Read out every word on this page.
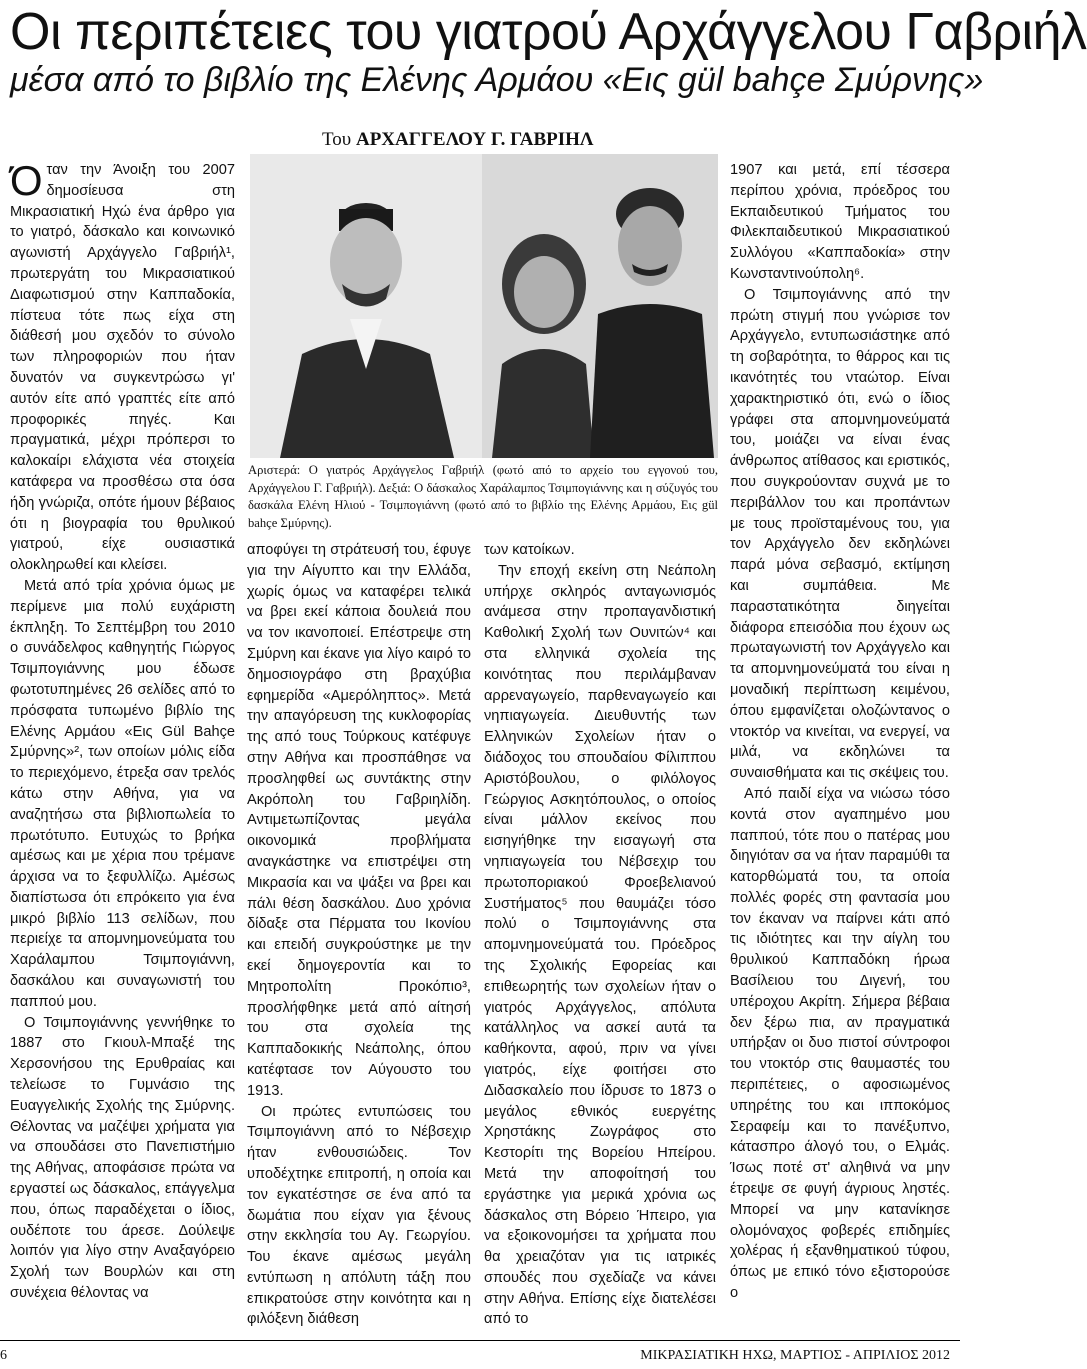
Οι περιπέτειες του γιατρού Αρχάγγελου Γαβριήλ
μέσα από το βιβλίο της Ελένης Αρμάου «Εις gül bahçe Σμύρνης»
Του ΑΡΧΑΓΓΕΛΟΥ Γ. ΓΑΒΡΙΗΛ
Αριστερά: Ο γιατρός Αρχάγγελος Γαβριήλ (φωτό από το αρχείο του εγγονού του, Αρχάγγελου Γ. Γαβριήλ). Δεξιά: Ο δάσκαλος Χαράλαμπος Τσιμπογιάννης και η σύζυγός του δασκάλα Ελένη Ηλιού - Τσιμπογιάννη (φωτό από το βιβλίο της Ελένης Αρμάου, Εις gül bahçe Σμύρνης).

Όταν την Άνοιξη του 2007 δημοσίευσα στη Μικρασιατική Ηχώ ένα άρθρο για το γιατρό, δάσκαλο και κοινωνικό αγωνιστή Αρχάγγελο Γαβριήλ¹, πρωτεργάτη του Μικρασιατικού Διαφωτισμού στην Καππαδοκία, πίστευα τότε πως είχα στη διάθεσή μου σχεδόν το σύνολο των πληροφοριών που ήταν δυνατόν να συγκεντρώσω γι' αυτόν είτε από γραπτές είτε από προφορικές πηγές. Και πραγματικά, μέχρι πρόπερσι το καλοκαίρι ελάχιστα νέα στοιχεία κατάφερα να προσθέσω στα όσα ήδη γνώριζα, οπότε ήμουν βέβαιος ότι η βιογραφία του θρυλικού γιατρού, είχε ουσιαστικά ολοκληρωθεί και κλείσει.

Μετά από τρία χρόνια όμως με περίμενε μια πολύ ευχάριστη έκπληξη. Το Σεπτέμβρη του 2010 ο συνάδελφος καθηγητής Γιώργος Τσιμπογιάννης μου έδωσε φωτοτυπημένες 26 σελίδες από το πρόσφατα τυπωμένο βιβλίο της Ελένης Αρμάου «Εις Gül Bahçe Σμύρνης»², των οποίων μόλις είδα το περιεχόμενο, έτρεξα σαν τρελός κάτω στην Αθήνα, για να αναζητήσω στα βιβλιοπωλεία το πρωτότυπο. Ευτυχώς το βρήκα αμέσως και με χέρια που τρέμανε άρχισα να το ξεφυλλίζω. Αμέσως διαπίστωσα ότι επρόκειτο για ένα μικρό βιβλίο 113 σελίδων, που περιείχε τα απομνημονεύματα του Χαράλαμπου Τσιμπογιάννη, δασκάλου και συναγωνιστή του παππού μου.

Ο Τσιμπογιάννης γεννήθηκε το 1887 στο Γκιουλ-Μπαξέ της Χερσονήσου της Ερυθραίας και τελείωσε το Γυμνάσιο της Ευαγγελικής Σχολής της Σμύρνης. Θέλοντας να μαζέψει χρήματα για να σπουδάσει στο Πανεπιστήμιο της Αθήνας, αποφάσισε πρώτα να εργαστεί ως δάσκαλος, επάγγελμα που, όπως παραδέχεται ο ίδιος, ουδέποτε του άρεσε. Δούλεψε λοιπόν για λίγο στην Αναξαγόρειο Σχολή των Βουρλών και στη συνέχεια θέλοντας να

αποφύγει τη στράτευσή του, έφυγε για την Αίγυπτο και την Ελλάδα, χωρίς όμως να καταφέρει τελικά να βρει εκεί κάποια δουλειά που να τον ικανοποιεί. Επέστρεψε στη Σμύρνη και έκανε για λίγο καιρό το δημοσιογράφο στη βραχύβια εφημερίδα «Αμερόληπτος». Μετά την απαγόρευση της κυκλοφορίας της από τους Τούρκους κατέφυγε στην Αθήνα και προσπάθησε να προσληφθεί ως συντάκτης στην Ακρόπολη του Γαβριηλίδη. Αντιμετωπίζοντας μεγάλα οικονομικά προβλήματα αναγκάστηκε να επιστρέψει στη Μικρασία και να ψάξει να βρει και πάλι θέση δασκάλου. Δυο χρόνια δίδαξε στα Πέρματα του Ικονίου και επειδή συγκρούστηκε με την εκεί δημογεροντία και το Μητροπολίτη Προκόπιο³, προσλήφθηκε μετά από αίτησή του στα σχολεία της Καππαδοκικής Νεάπολης, όπου κατέφτασε τον Αύγουστο του 1913.

Οι πρώτες εντυπώσεις του Τσιμπογιάννη από το Νέβσεχιρ ήταν ενθουσιώδεις. Τον υποδέχτηκε επιτροπή, η οποία και τον εγκατέστησε σε ένα από τα δωμάτια που είχαν για ξένους στην εκκλησία του Αγ. Γεωργίου. Του έκανε αμέσως μεγάλη εντύπωση η απόλυτη τάξη που επικρατούσε στην κοινότητα και η φιλόξενη διάθεση

των κατοίκων.

Την εποχή εκείνη στη Νεάπολη υπήρχε σκληρός ανταγωνισμός ανάμεσα στην προπαγανδιστική Καθολική Σχολή των Ουνιτών⁴ και στα ελληνικά σχολεία της κοινότητας που περιλάμβαναν αρρεναγωγείο, παρθεναγωγείο και νηπιαγωγεία. Διευθυντής των Ελληνικών Σχολείων ήταν ο διάδοχος του σπουδαίου Φίλιππου Αριστόβουλου, ο φιλόλογος Γεώργιος Ασκητόπουλος, ο οποίος είναι μάλλον εκείνος που εισηγήθηκε την εισαγωγή στα νηπιαγωγεία του Νέβσεχιρ του πρωτοποριακού Φροεβελιανού Συστήματος⁵ που θαυμάζει τόσο πολύ ο Τσιμπογιάννης στα απομνημονεύματά του. Πρόεδρος της Σχολικής Εφορείας και επιθεωρητής των σχολείων ήταν ο γιατρός Αρχάγγελος, απόλυτα κατάλληλος να ασκεί αυτά τα καθήκοντα, αφού, πριν να γίνει γιατρός, είχε φοιτήσει στο Διδασκαλείο που ίδρυσε το 1873 ο μεγάλος εθνικός ευεργέτης Χρηστάκης Ζωγράφος στο Κεστορίτι της Βορείου Ηπείρου. Μετά την αποφοίτησή του εργάστηκε για μερικά χρόνια ως δάσκαλος στη Βόρειο Ήπειρο, για να εξοικονομήσει τα χρήματα που θα χρειαζόταν για τις ιατρικές σπουδές που σχεδίαζε να κάνει στην Αθήνα. Επίσης είχε διατελέσει από το

1907 και μετά, επί τέσσερα περίπου χρόνια, πρόεδρος του Εκπαιδευτικού Τμήματος του Φιλεκπαιδευτικού Μικρασιατικού Συλλόγου «Καππαδοκία» στην Κωνσταντινούπολη⁶.

Ο Τσιμπογιάννης από την πρώτη στιγμή που γνώρισε τον Αρχάγγελο, εντυπωσιάστηκε από τη σοβαρότητα, το θάρρος και τις ικανότητές του νταώτορ. Είναι χαρακτηριστικό ότι, ενώ ο ίδιος γράφει στα απομνημονεύματά του, μοιάζει να είναι ένας άνθρωπος ατίθασος και εριστικός, που συγκρούονταν συχνά με το περιβάλλον του και προπάντων με τους προϊσταμένους του, για τον Αρχάγγελο δεν εκδηλώνει παρά μόνα σεβασμό, εκτίμηση και συμπάθεια. Με παραστατικότητα διηγείται διάφορα επεισόδια που έχουν ως πρωταγωνιστή τον Αρχάγγελο και τα απομνημονεύματά του είναι η μοναδική περίπτωση κειμένου, όπου εμφανίζεται ολοζώντανος ο ντοκτόρ να κινείται, να ενεργεί, να μιλά, να εκδηλώνει τα συναισθήματα και τις σκέψεις του.

Από παιδί είχα να νιώσω τόσο κοντά στον αγαπημένο μου παππού, τότε που ο πατέρας μου διηγιόταν σα να ήταν παραμύθι τα κατορθώματά του, τα οποία πολλές φορές στη φαντασία μου τον έκαναν να παίρνει κάτι από τις ιδιότητες και την αίγλη του θρυλικού Καππαδόκη ήρωα Βασίλειου του Διγενή, του υπέροχου Ακρίτη. Σήμερα βέβαια δεν ξέρω πια, αν πραγματικά υπήρξαν οι δυο πιστοί σύντροφοι του ντοκτόρ στις θαυμαστές του περιπέτειες, ο αφοσιωμένος υπηρέτης του και ιπποκόμος Σεραφείμ και το πανέξυπνο, κάτασπρο άλογό του, ο Ελμάς. Ίσως ποτέ στ' αληθινά να μην έτρεψε σε φυγή άγριους ληστές. Μπορεί να μην κατανίκησε ολομόναχος φοβερές επιδημίες χολέρας ή εξανθηματικού τύφου, όπως με επικό τόνο εξιστορούσε ο

6	ΜΙΚΡΑΣΙΑΤΙΚΗ ΗΧΩ, ΜΑΡΤΙΟΣ - ΑΠΡΙΛΙΟΣ 2012
